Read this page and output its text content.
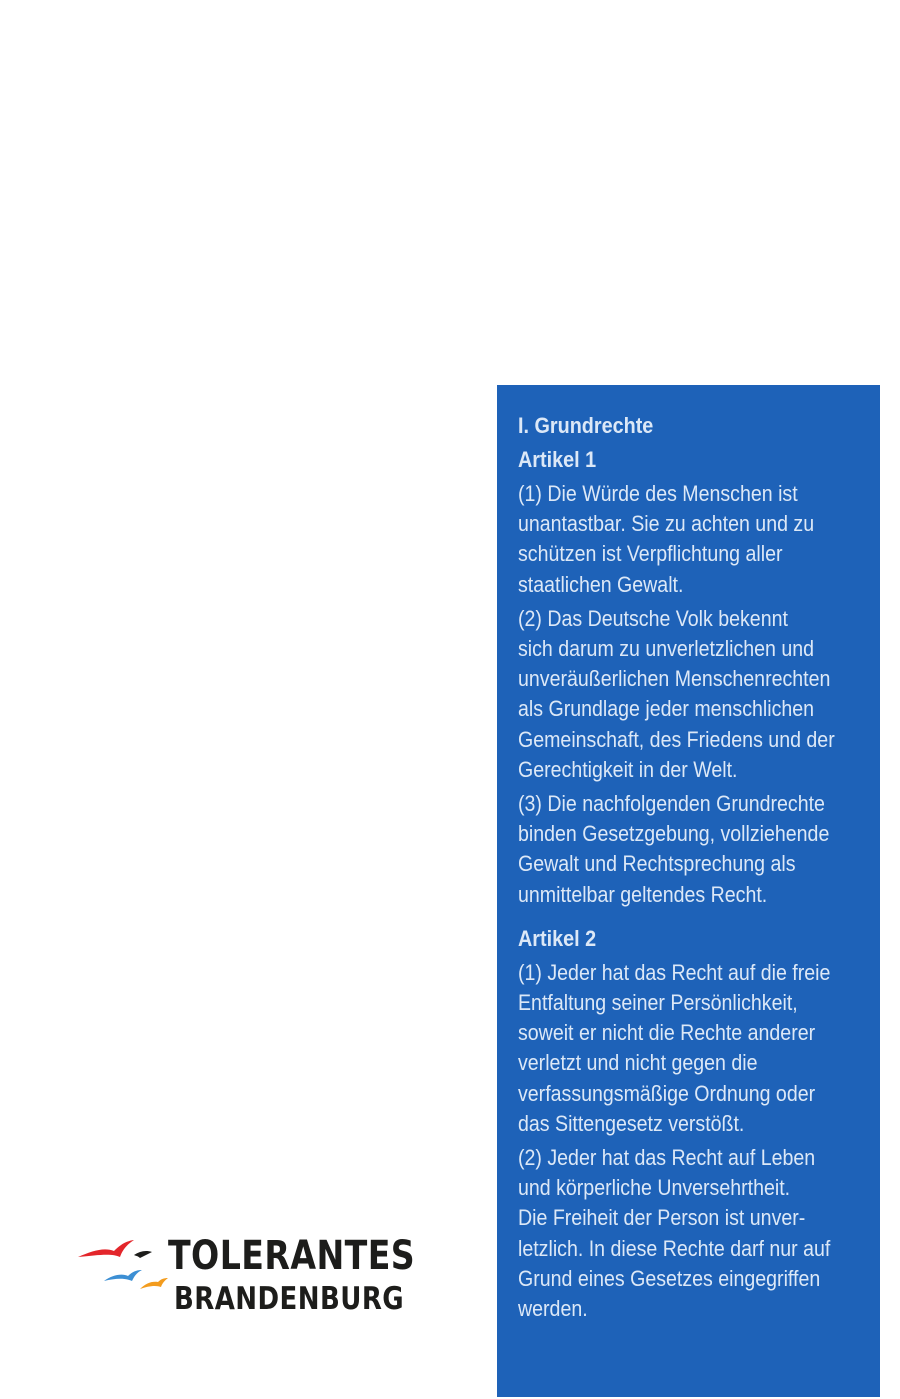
I. Grundrechte
Artikel 1

(1) Die Würde des Menschen ist
unantastbar. Sie zu achten und zu
schützen ist Verpflichtung aller
staatlichen Gewalt.

(2) Das Deutsche Volk bekennt
sich darum zu unverletzlichen und
unveräußerlichen Menschenrechten
als Grundlage jeder menschlichen
Gemeinschaft, des Friedens und der
Gerechtigkeit in der Welt.

(3) Die nachfolgenden Grundrechte
binden Gesetzgebung, vollziehende
Gewalt und Rechtsprechung als
unmittelbar geltendes Recht.

Artikel 2

(1) Jeder hat das Recht auf die freie
Entfaltung seiner Persönlichkeit,
soweit er nicht die Rechte anderer
verletzt und nicht gegen die
verfassungsmäßige Ordnung oder
das Sittengesetz verstößt.

(2) Jeder hat das Recht auf Leben
und körperliche Unversehrtheit.
Die Freiheit der Person ist unver-
letzlich. In diese Rechte darf nur auf
Grund eines Gesetzes eingegriffen
werden.

TOLERANTES
BRANDENBURG
